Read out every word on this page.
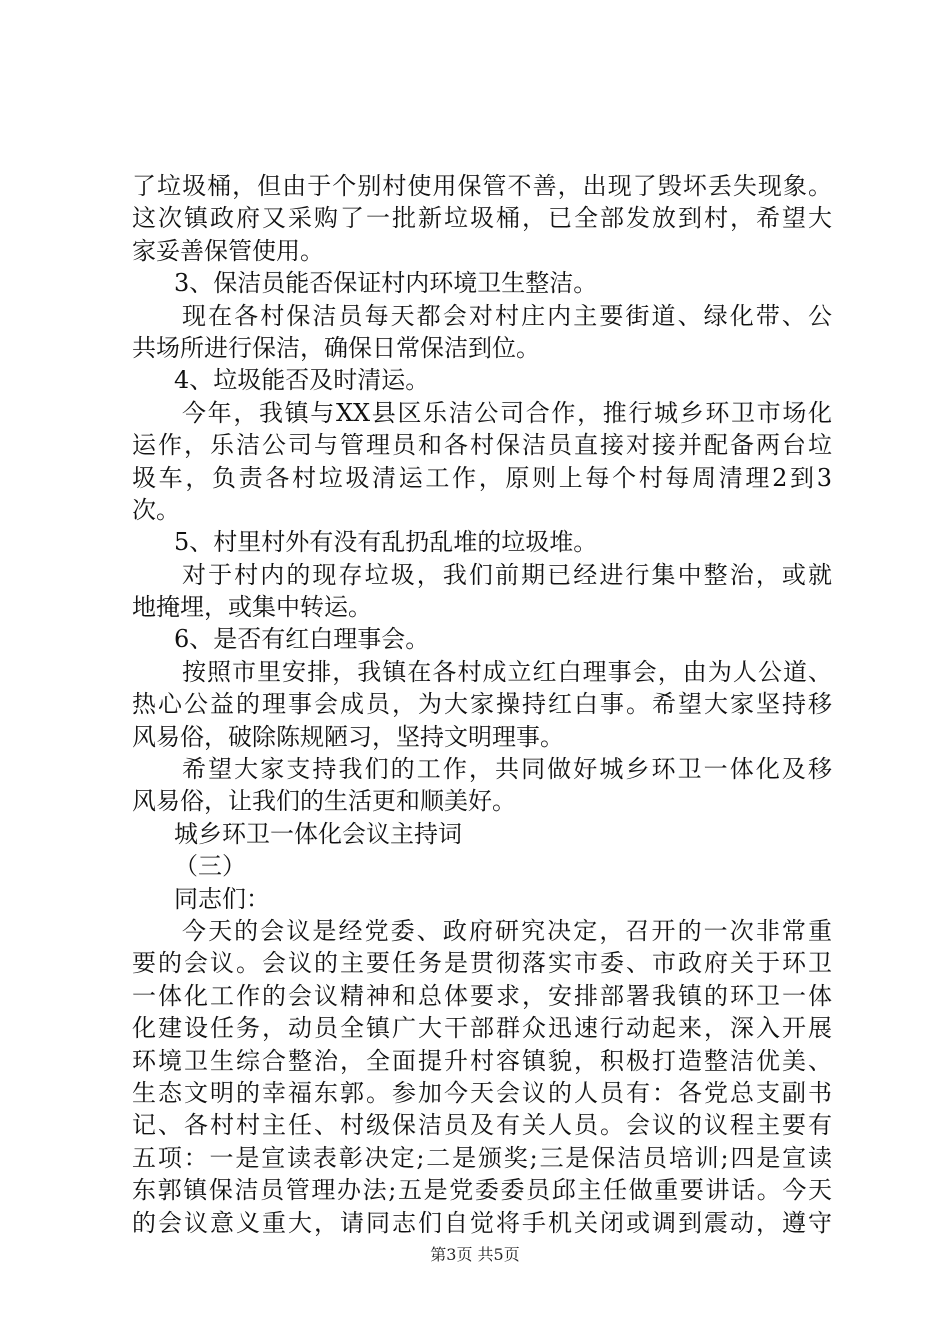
了垃圾桶，但由于个别村使用保管不善，出现了毁坏丢失现象。
这次镇政府又采购了一批新垃圾桶，已全部发放到村，希望大
家妥善保管使用。
3、保洁员能否保证村内环境卫生整洁。
现在各村保洁员每天都会对村庄内主要街道、绿化带、公
共场所进行保洁，确保日常保洁到位。
4、垃圾能否及时清运。
今年，我镇与XX县区乐洁公司合作，推行城乡环卫市场化
运作，乐洁公司与管理员和各村保洁员直接对接并配备两台垃
圾车，负责各村垃圾清运工作，原则上每个村每周清理2到3
次。
5、村里村外有没有乱扔乱堆的垃圾堆。
对于村内的现存垃圾，我们前期已经进行集中整治，或就
地掩埋，或集中转运。
6、是否有红白理事会。
按照市里安排，我镇在各村成立红白理事会，由为人公道、
热心公益的理事会成员，为大家操持红白事。希望大家坚持移
风易俗，破除陈规陋习，坚持文明理事。
希望大家支持我们的工作，共同做好城乡环卫一体化及移
风易俗，让我们的生活更和顺美好。
城乡环卫一体化会议主持词
（三）
同志们：
今天的会议是经党委、政府研究决定，召开的一次非常重
要的会议。会议的主要任务是贯彻落实市委、市政府关于环卫
一体化工作的会议精神和总体要求，安排部署我镇的环卫一体
化建设任务，动员全镇广大干部群众迅速行动起来，深入开展
环境卫生综合整治，全面提升村容镇貌，积极打造整洁优美、
生态文明的幸福东郭。参加今天会议的人员有：各党总支副书
记、各村村主任、村级保洁员及有关人员。会议的议程主要有
五项：一是宣读表彰决定;二是颁奖;三是保洁员培训;四是宣读
东郭镇保洁员管理办法;五是党委委员邱主任做重要讲话。今天
的会议意义重大，请同志们自觉将手机关闭或调到震动，遵守
第3页 共5页
